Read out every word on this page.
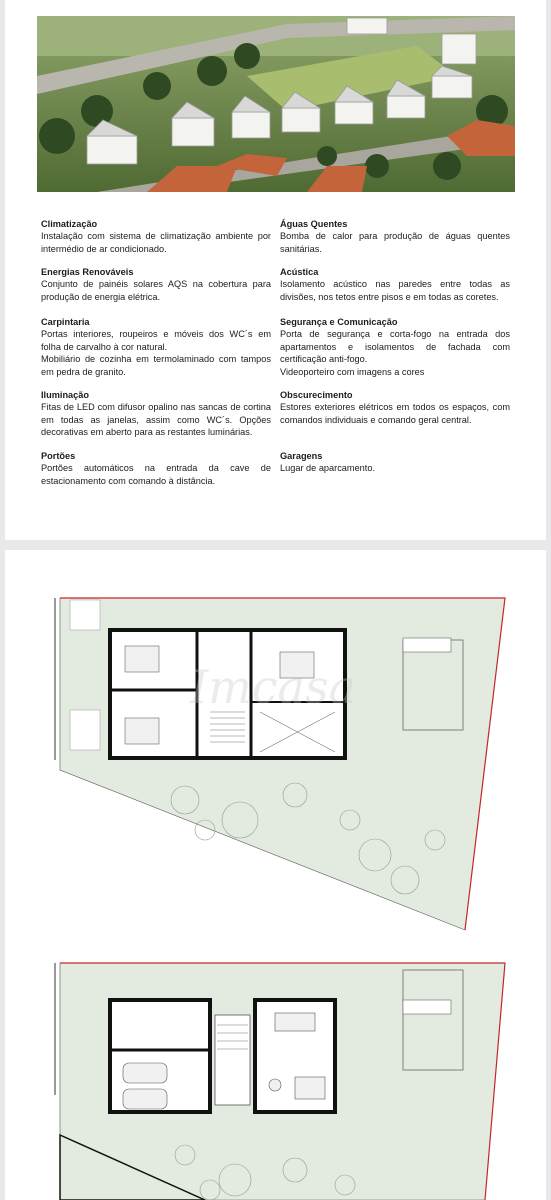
Climatização

Instalação com sistema de climatização ambiente por intermédio de ar condicionado.

Águas Quentes

Bomba de calor para produção de águas quentes sanitárias.

Energias Renováveis

Conjunto de painéis solares AQS na cobertura para produção de energia elétrica.

Acústica

Isolamento acústico nas paredes entre todas as divisões, nos tetos entre pisos e em todas as coretes.

Carpintaria

Portas interiores, roupeiros e móveis dos WC´s em folha de carvalho à cor natural.

Mobiliário de cozinha em termolaminado com tampos em pedra de granito.

Segurança e Comunicação

Porta de segurança e corta-fogo na entrada dos apartamentos e isolamentos de fachada com certificação anti-fogo.

Videoporteiro com imagens a cores

Iluminação

Fitas de LED com difusor opalino nas sancas de cortina em todas as janelas, assim como WC´s. Opções decorativas em aberto para as restantes luminárias.

Obscurecimento

Estores exteriores elétricos em todos os espaços, com comandos individuais e comando geral central.

Portões

Portões automáticos na entrada da cave de estacionamento com comando à distância.

Garagens

Lugar de aparcamento.

Imcasa
